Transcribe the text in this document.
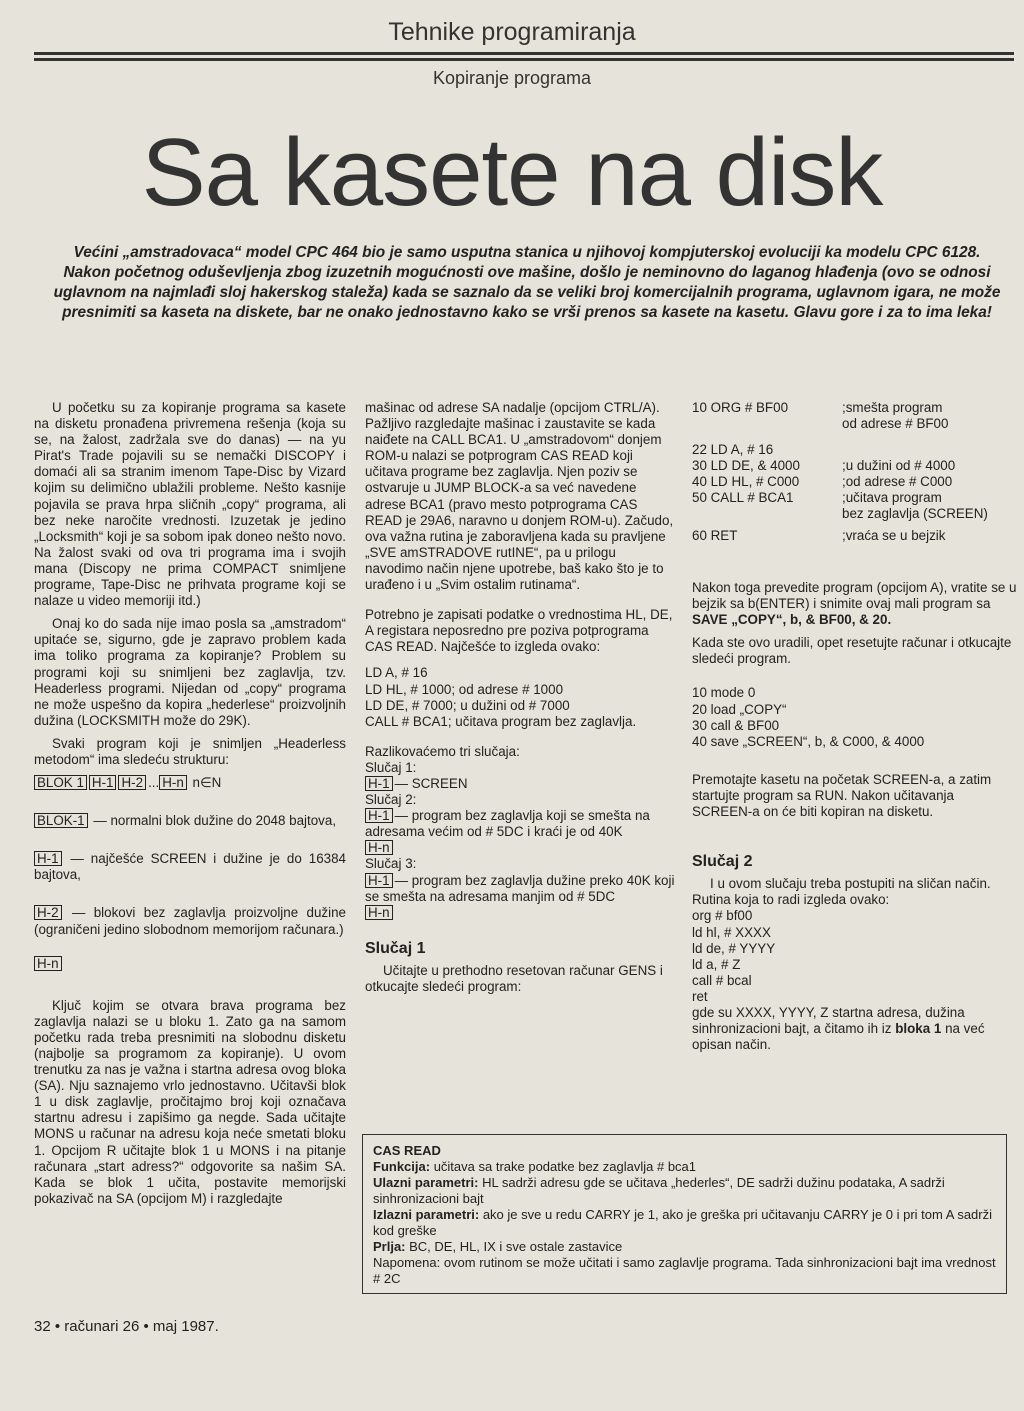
Tehnike programiranja
Kopiranje programa
Sa kasete na disk
Većini „amstradovaca“ model CPC 464 bio je samo usputna stanica u njihovoj kompjuterskoj evoluciji ka modelu CPC 6128. Nakon početnog oduševljenja zbog izuzetnih mogućnosti ove mašine, došlo je neminovno do laganog hlađenja (ovo se odnosi uglavnom na najmlađi sloj hakerskog staleža) kada se saznalo da se veliki broj komercijalnih programa, uglavnom igara, ne može presnimiti sa kaseta na diskete, bar ne onako jednostavno kako se vrši prenos sa kasete na kasetu. Glavu gore i za to ima leka!

U početku su za kopiranje programa sa kasete na disketu pronađena privremena rešenja (koja su se, na žalost, zadržala sve do danas) — na yu Pirat's Trade pojavili su se nemački DISCOPY i domaći ali sa stranim imenom Tape-Disc by Vizard kojim su delimično ublažili probleme. Nešto kasnije pojavila se prava hrpa sličnih „copy“ programa, ali bez neke naročite vrednosti. Izuzetak je jedino „Locksmith“ koji je sa sobom ipak doneo nešto novo. Na žalost svaki od ova tri programa ima i svojih mana (Discopy ne prima COMPACT snimljene programe, Tape-Disc ne prihvata programe koji se nalaze u video memoriji itd.)

Onaj ko do sada nije imao posla sa „amstradom“ upitaće se, sigurno, gde je zapravo problem kada ima toliko programa za kopiranje? Problem su programi koji su snimljeni bez zaglavlja, tzv. Headerless programi. Nijedan od „copy“ programa ne može uspešno da kopira „hederlese“ proizvoljnih dužina (LOCKSMITH može do 29K).

Svaki program koji je snimljen „Headerless metodom“ ima sledeću strukturu:

BLOK 1 H-1 H-2 ... H-n n∈N

BLOK-1 — normalni blok dužine do 2048 bajtova,

H-1 — najčešće SCREEN i dužine je do 16384 bajtova,

H-2 — blokovi bez zaglavlja proizvoljne dužine (ograničeni jedino slobodnom memorijom računara.)

H-n

Ključ kojim se otvara brava programa bez zaglavlja nalazi se u bloku 1. Zato ga na samom početku rada treba presnimiti na slobodnu disketu (najbolje sa programom za kopiranje). U ovom trenutku za nas je važna i startna adresa ovog bloka (SA). Nju saznajemo vrlo jednostavno. Učitavši blok 1 u disk zaglavlje, pročitajmo broj koji označava startnu adresu i zapišimo ga negde. Sada učitajte MONS u računar na adresu koja neće smetati bloku 1. Opcijom R učitajte blok 1 u MONS i na pitanje računara „start adress?“ odgovorite sa našim SA. Kada se blok 1 učita, postavite memorijski pokazivač na SA (opcijom M) i razgledajte

mašinac od adrese SA nadalje (opcijom CTRL/A). Pažljivo razgledajte mašinac i zaustavite se kada naiđete na CALL BCA1. U „amstradovom“ donjem ROM-u nalazi se potprogram CAS READ koji učitava programe bez zaglavlja. Njen poziv se ostvaruje u JUMP BLOCK-a sa već navedene adrese BCA1 (pravo mesto potprograma CAS READ je 29A6, naravno u donjem ROM-u). Začudo, ova važna rutina je zaboravljena kada su pravljene „SVE amSTRADOVE rutINE“, pa u prilogu navodimo način njene upotrebe, baš kako što je to urađeno i u „Svim ostalim rutinama“.

Potrebno je zapisati podatke o vrednostima HL, DE, A registara neposredno pre poziva potprograma CAS READ. Najčešće to izgleda ovako:

LD A, # 16
LD HL, # 1000; od adrese # 1000
LD DE, # 7000; u dužini od # 7000
CALL # BCA1; učitava program bez zaglavlja.
Razlikovaćemo tri slučaja:
Slučaj 1:
H-1 — SCREEN
Slučaj 2:
H-1 — program bez zaglavlja koji se smešta na adresama većim od # 5DC i kraći je od 40K
H-n
Slučaj 3:
H-1 — program bez zaglavlja dužine preko 40K koji se smešta na adresama manjim od # 5DC
H-n
Slučaj 1

Učitajte u prethodno resetovan računar GENS i otkucajte sledeći program:

10 ORG # BF00	;smešta program
od adrese # BF00
22 LD A, # 16
30 LD DE, & 4000	;u dužini od # 4000
40 LD HL, # C000	;od adrese # C000
50 CALL # BCA1	;učitava program
bez zaglavlja (SCREEN)
60 RET	;vraća se u bejzik

Nakon toga prevedite program (opcijom A), vratite se u bejzik sa b(ENTER) i snimite ovaj mali program sa SAVE „COPY“, b, & BF00, & 20.

Kada ste ovo uradili, opet resetujte računar i otkucajte sledeći program.

10 mode 0
20 load „COPY“
30 call & BF00
40 save „SCREEN“, b, & C000, & 4000

Premotajte kasetu na početak SCREEN-a, a zatim startujte program sa RUN. Nakon učitavanja SCREEN-a on će biti kopiran na disketu.

Slučaj 2

I u ovom slučaju treba postupiti na sličan način. Rutina koja to radi izgleda ovako:

org # bf00
ld hl, # XXXX
ld de, # YYYY
ld a, # Z
call # bcal
ret

gde su XXXX, YYYY, Z startna adresa, dužina sinhronizacioni bajt, a čitamo ih iz bloka 1 na već opisan način.

CAS READ
Funkcija: učitava sa trake podatke bez zaglavlja # bca1
Ulazni parametri: HL sadrži adresu gde se učitava „hederles“, DE sadrži dužinu podataka, A sadrži sinhronizacioni bajt
Izlazni parametri: ako je sve u redu CARRY je 1, ako je greška pri učitavanju CARRY je 0 i pri tom A sadrži kod greške
Prlja: BC, DE, HL, IX i sve ostale zastavice
Napomena: ovom rutinom se može učitati i samo zaglavlje programa. Tada sinhronizacioni bajt ima vrednost # 2C
32 • računari 26 • maj 1987.
